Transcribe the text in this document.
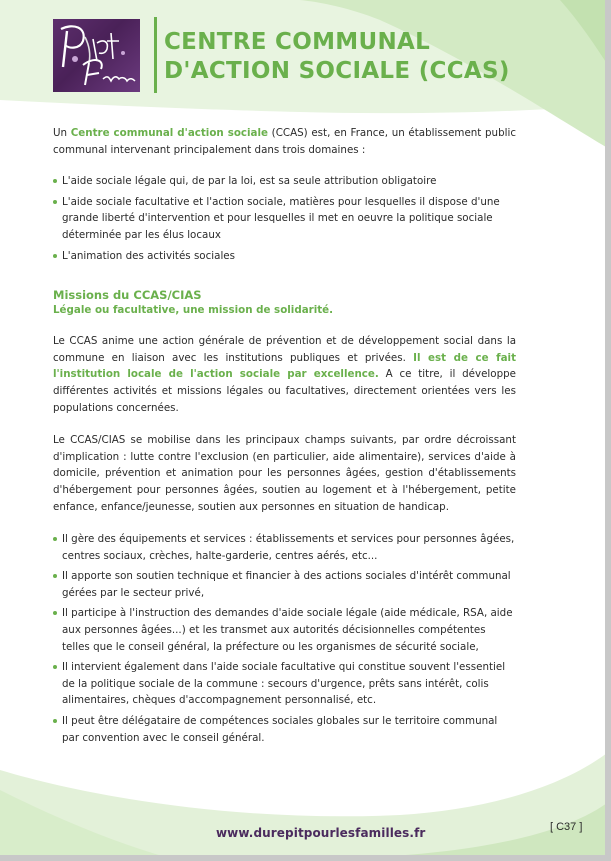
CENTRE COMMUNAL
D'ACTION SOCIALE (CCAS)

Un Centre communal d'action sociale (CCAS) est, en France, un établissement public communal intervenant principalement dans trois domaines :

L'aide sociale légale qui, de par la loi, est sa seule attribution obligatoire
L'aide sociale facultative et l'action sociale, matières pour lesquelles il dispose d'une grande liberté d'intervention et pour lesquelles il met en oeuvre la politique sociale déterminée par les élus locaux
L'animation des activités sociales
Missions du CCAS/CIAS
Légale ou facultative, une mission de solidarité.

Le CCAS anime une action générale de prévention et de développement social dans la commune en liaison avec les institutions publiques et privées. Il est de ce fait l'institution locale de l'action sociale par excellence. A ce titre, il développe différentes activités et missions légales ou facultatives, directement orientées vers les populations concernées.

Le CCAS/CIAS se mobilise dans les principaux champs suivants, par ordre décroissant d'implication : lutte contre l'exclusion (en particulier, aide alimentaire), services d'aide à domicile, prévention et animation pour les personnes âgées, gestion d'établissements d'hébergement pour personnes âgées, soutien au logement et à l'hébergement, petite enfance, enfance/jeunesse, soutien aux personnes en situation de handicap.

Il gère des équipements et services : établissements et services pour personnes âgées, centres sociaux, crèches, halte-garderie, centres aérés, etc...
Il apporte son soutien technique et financier à des actions sociales d'intérêt communal gérées par le secteur privé,
Il participe à l'instruction des demandes d'aide sociale légale (aide médicale, RSA, aide aux personnes âgées...) et les transmet aux autorités décisionnelles compétentes telles que le conseil général, la préfecture ou les organismes de sécurité sociale,
Il intervient également dans l'aide sociale facultative qui constitue souvent l'essentiel de la politique sociale de la commune : secours d'urgence, prêts sans intérêt, colis alimentaires, chèques d'accompagnement personnalisé, etc.
Il peut être délégataire de compétences sociales globales sur le territoire communal par convention avec le conseil général.
www.durepitpourlesfamilles.fr	[ C37 ]
